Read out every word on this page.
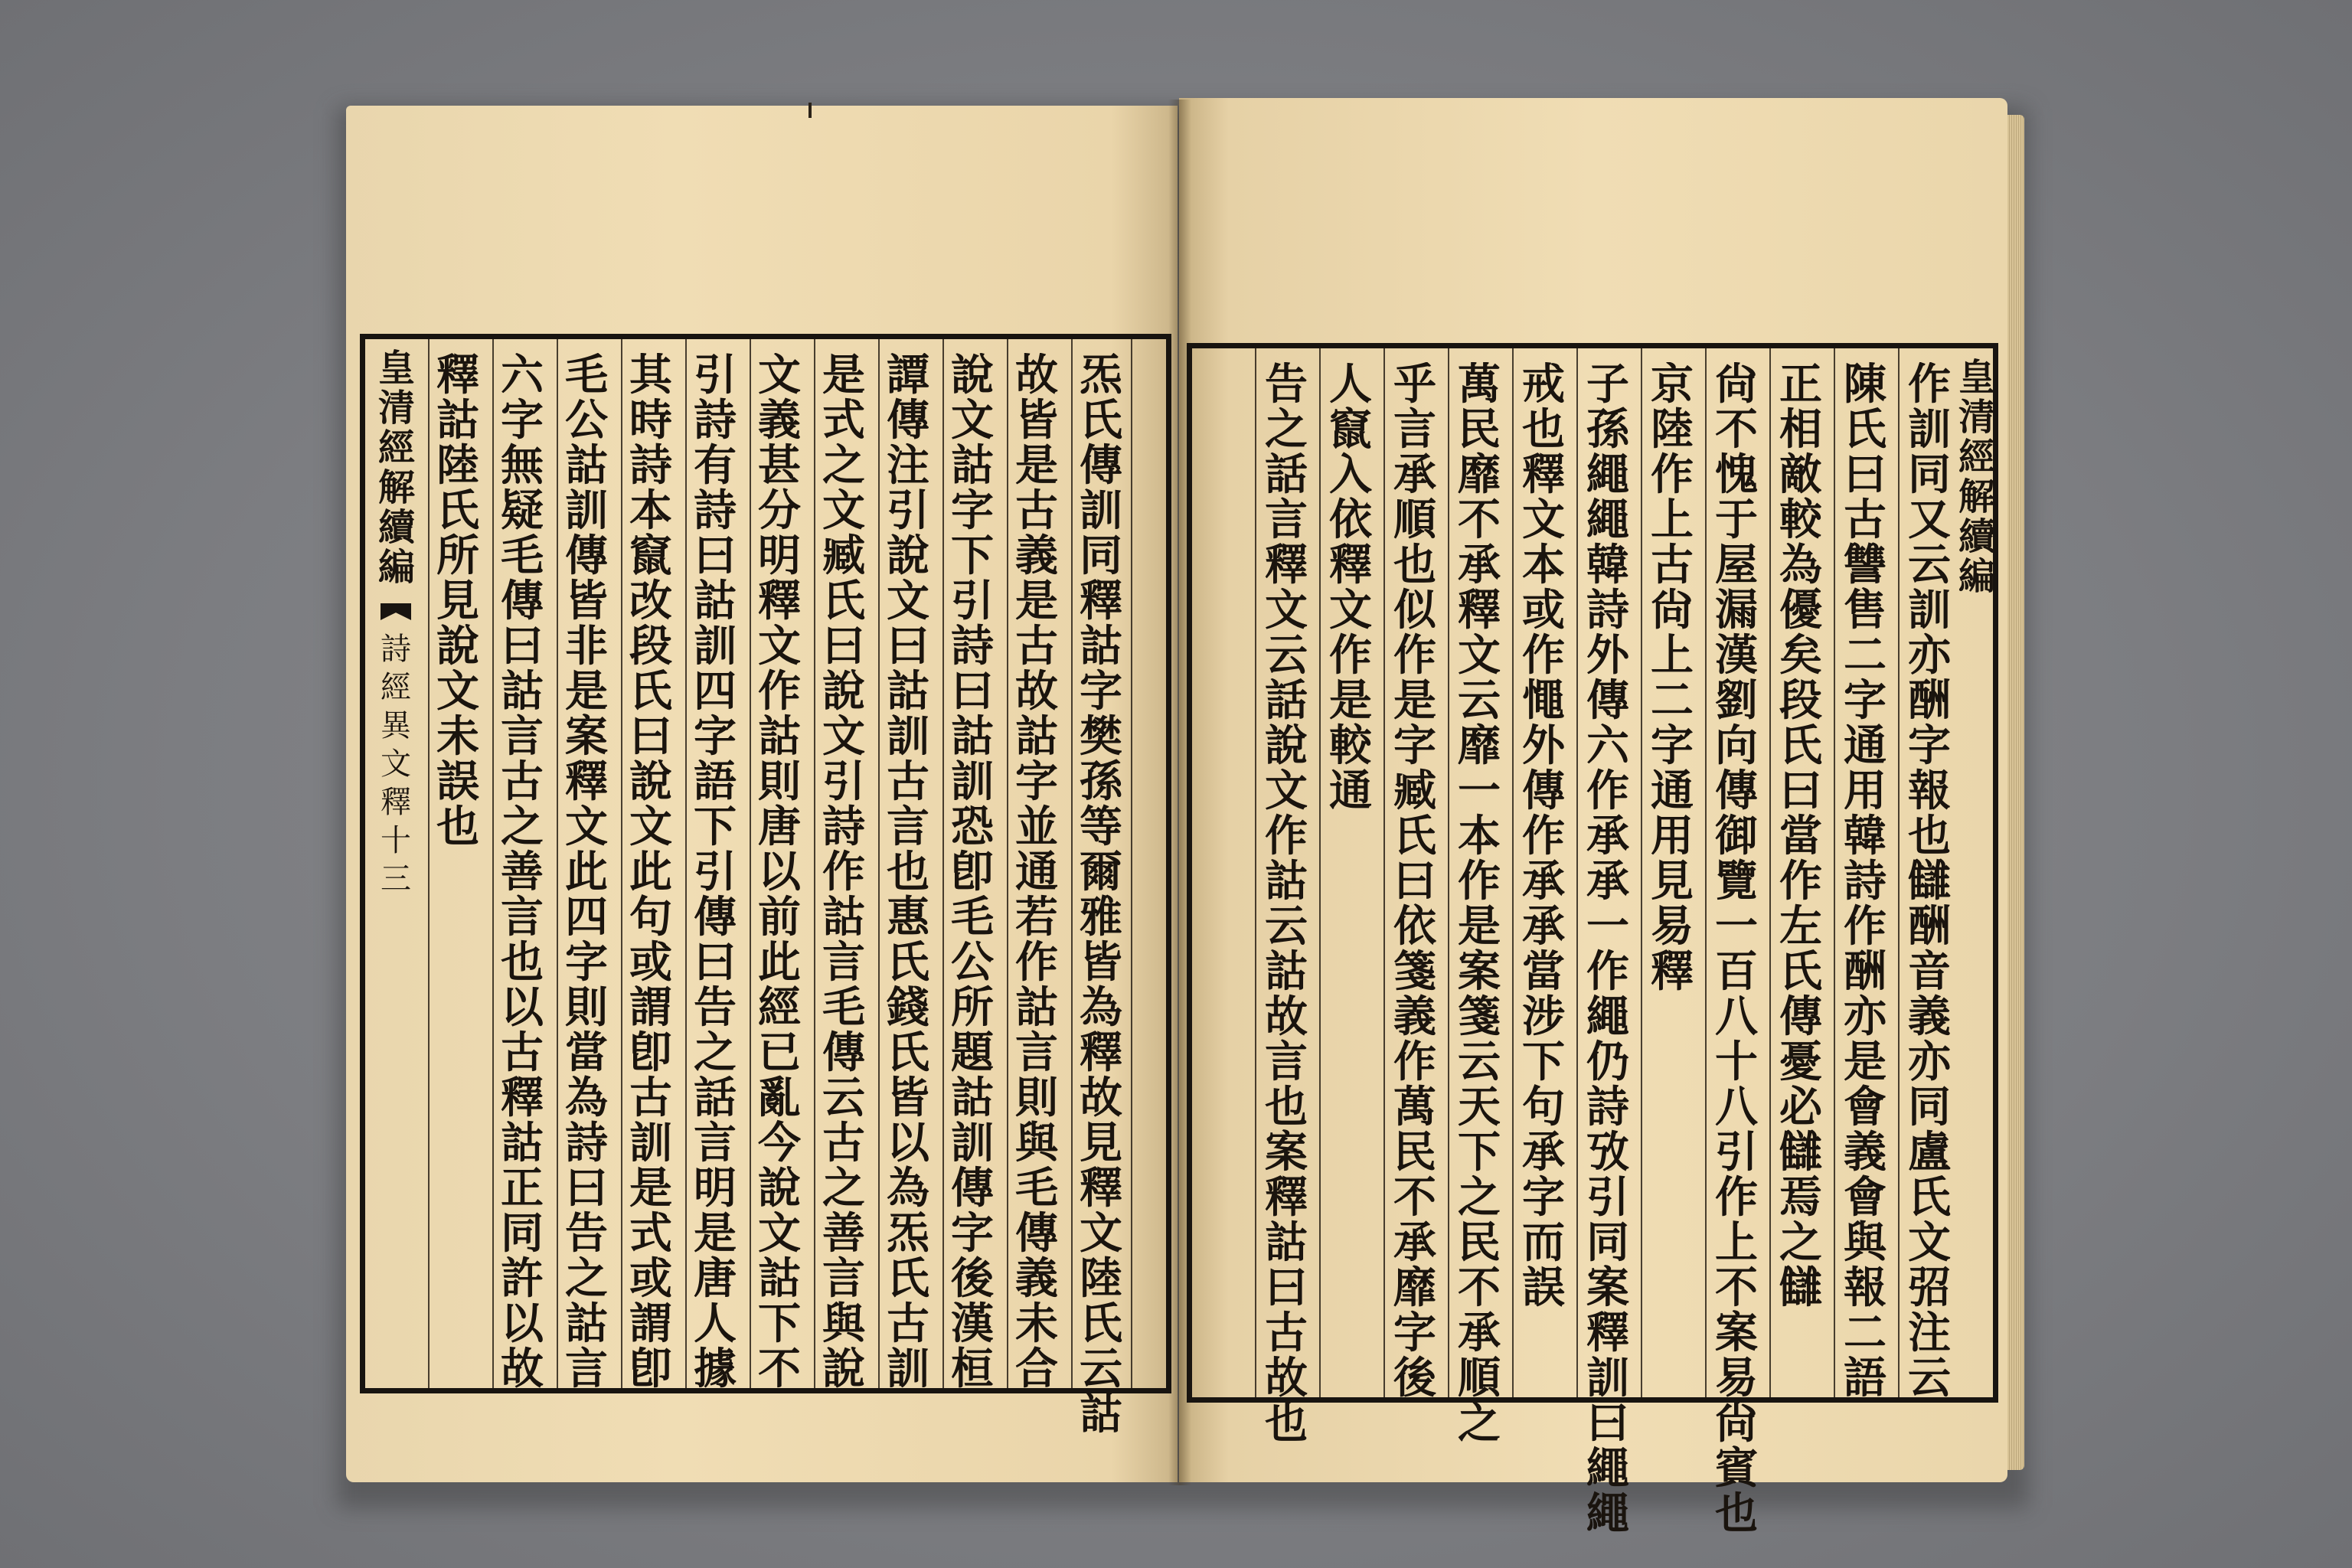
皇清經解續編
詩經異文釋十三
炁氏傳訓同釋詁字樊孫等爾雅皆為釋故見釋文陸氏云詁
故皆是古義是古故詁字並通若作詁言則與毛傳義未合
說文詁字下引詩曰詁訓恐卽毛公所題詁訓傳字後漢桓
譚傳注引說文曰詁訓古言也惠氏錢氏皆以為炁氏古訓
是式之文臧氏曰說文引詩作詁言毛傳云古之善言與說
文義甚分明釋文作詁則唐以前此經已亂今說文詁下不
引詩有詩曰詁訓四字語下引傳曰告之話言明是唐人據
其時詩本竄改段氏曰說文此句或謂卽古訓是式或謂卽
毛公詁訓傳皆非是案釋文此四字則當為詩曰告之詁言
六字無疑毛傳曰詁言古之善言也以古釋詁正同許以故
釋詁陸氏所見說文未誤也
作訓同又云訓亦酬字報也讎酬音義亦同盧氏文弨注云
陳氏曰古讐售二字通用韓詩作酬亦是會義會與報二語
正相敵較為優矣段氏曰當作左氏傳憂必讎焉之讎
尙不愧于屋漏漢劉向傳御覽一百八十八引作上不案易尙賓也
京陸作上古尙上二字通用見易釋
子孫繩繩韓詩外傳六作承承一作繩仍詩攷引同案釋訓曰繩繩
戒也釋文本或作憴外傳作承承當涉下句承字而誤
萬民靡不承釋文云靡一本作是案箋云天下之民不承順之
乎言承順也似作是字臧氏曰依箋義作萬民不承靡字後
人竄入依釋文作是較通
告之話言釋文云話說文作詁云詁故言也案釋詁曰古故也
皇清經解續編
